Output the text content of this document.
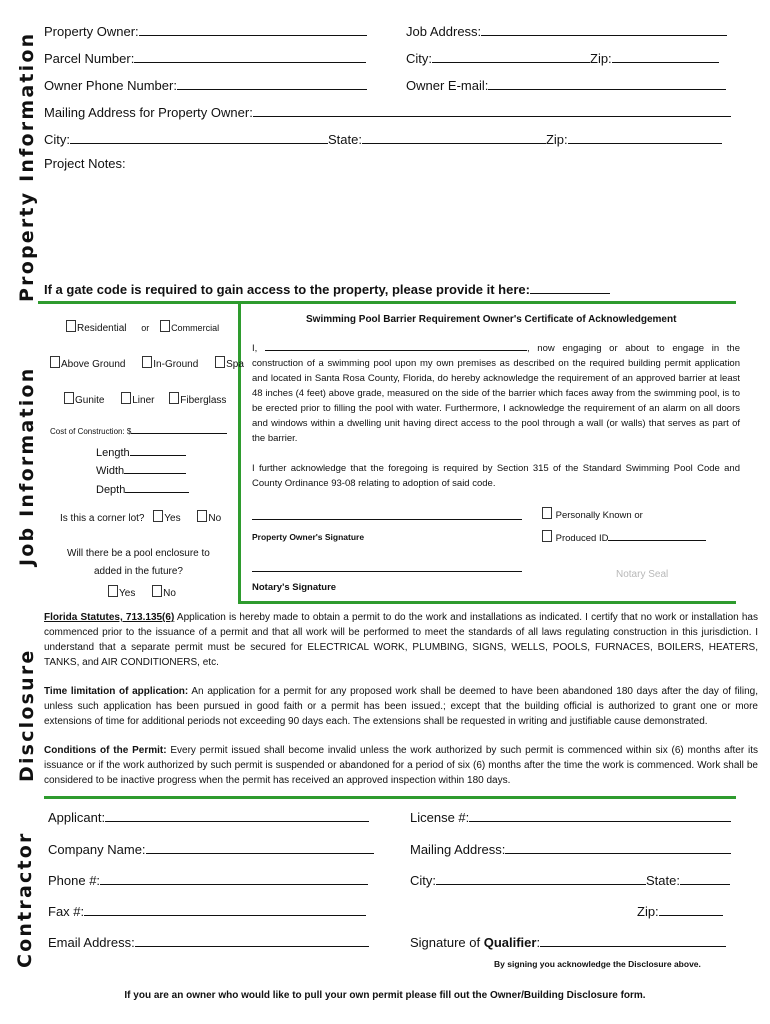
Property Information
Property Owner:	Job Address:
Parcel Number:	City:	Zip:
Owner Phone Number:	Owner E-mail:
Mailing Address for Property Owner:
City:	State:	Zip:
Project Notes:
If a gate code is required to gain access to the property, please provide it here:
Job Information
Residential or Commercial
Above Ground	In-Ground	Spa
Gunite	Liner	Fiberglass
Cost of Construction: $
Length
Width
Depth
Is this a corner lot? Yes	No
Will there be a pool enclosure to
added in the future?
Yes	No
Swimming Pool Barrier Requirement Owner's Certificate of Acknowledgement
I,	, now engaging or about to engage in the
construction of a swimming pool upon my own premises as described on the required building permit application and located in Santa Rosa County, Florida, do hereby acknowledge the requirement of an approved barrier at least 48 inches (4 feet) above grade, measured on the side of the barrier which faces away from the swimming pool, is to be erected prior to filling the pool with water. Furthermore, I acknowledge the requirement of an alarm on all doors and windows within a dwelling unit having direct access to the pool through a wall (or walls) that serves as part of the barrier.
I further acknowledge that the foregoing is required by Section 315 of the Standard Swimming Pool Code and County Ordinance 93-08 relating to adoption of said code.
Property Owner's Signature
Personally Known or
Produced ID
Notary's Signature
Notary Seal
Disclosure
Florida Statutes, 713.135(6) Application is hereby made to obtain a permit to do the work and installations as indicated. I certify that no work or installation has commenced prior to the issuance of a permit and that all work will be performed to meet the standards of all laws regulating construction in this jurisdiction. I understand that a separate permit must be secured for ELECTRICAL WORK, PLUMBING, SIGNS, WELLS, POOLS, FURNACES, BOILERS, HEATERS, TANKS, and AIR CONDITIONERS, etc.
Time limitation of application: An application for a permit for any proposed work shall be deemed to have been abandoned 180 days after the day of filing, unless such application has been pursued in good faith or a permit has been issued.; except that the building official is authorized to grant one or more extensions of time for additional periods not exceeding 90 days each. The extensions shall be requested in writing and justifiable cause demonstrated.
Conditions of the Permit: Every permit issued shall become invalid unless the work authorized by such permit is commenced within six (6) months after its issuance or if the work authorized by such permit is suspended or abandoned for a period of six (6) months after the time the work is commenced. Work shall be considered to be inactive progress when the permit has received an approved inspection within 180 days.
Contractor
Applicant:	License #:
Company Name:	Mailing Address:
Phone #:	City:	State:
Fax #:	Zip:
Email Address:	Signature of Qualifier:
By signing you acknowledge the Disclosure above.
If you are an owner who would like to pull your own permit please fill out the Owner/Building Disclosure form.
